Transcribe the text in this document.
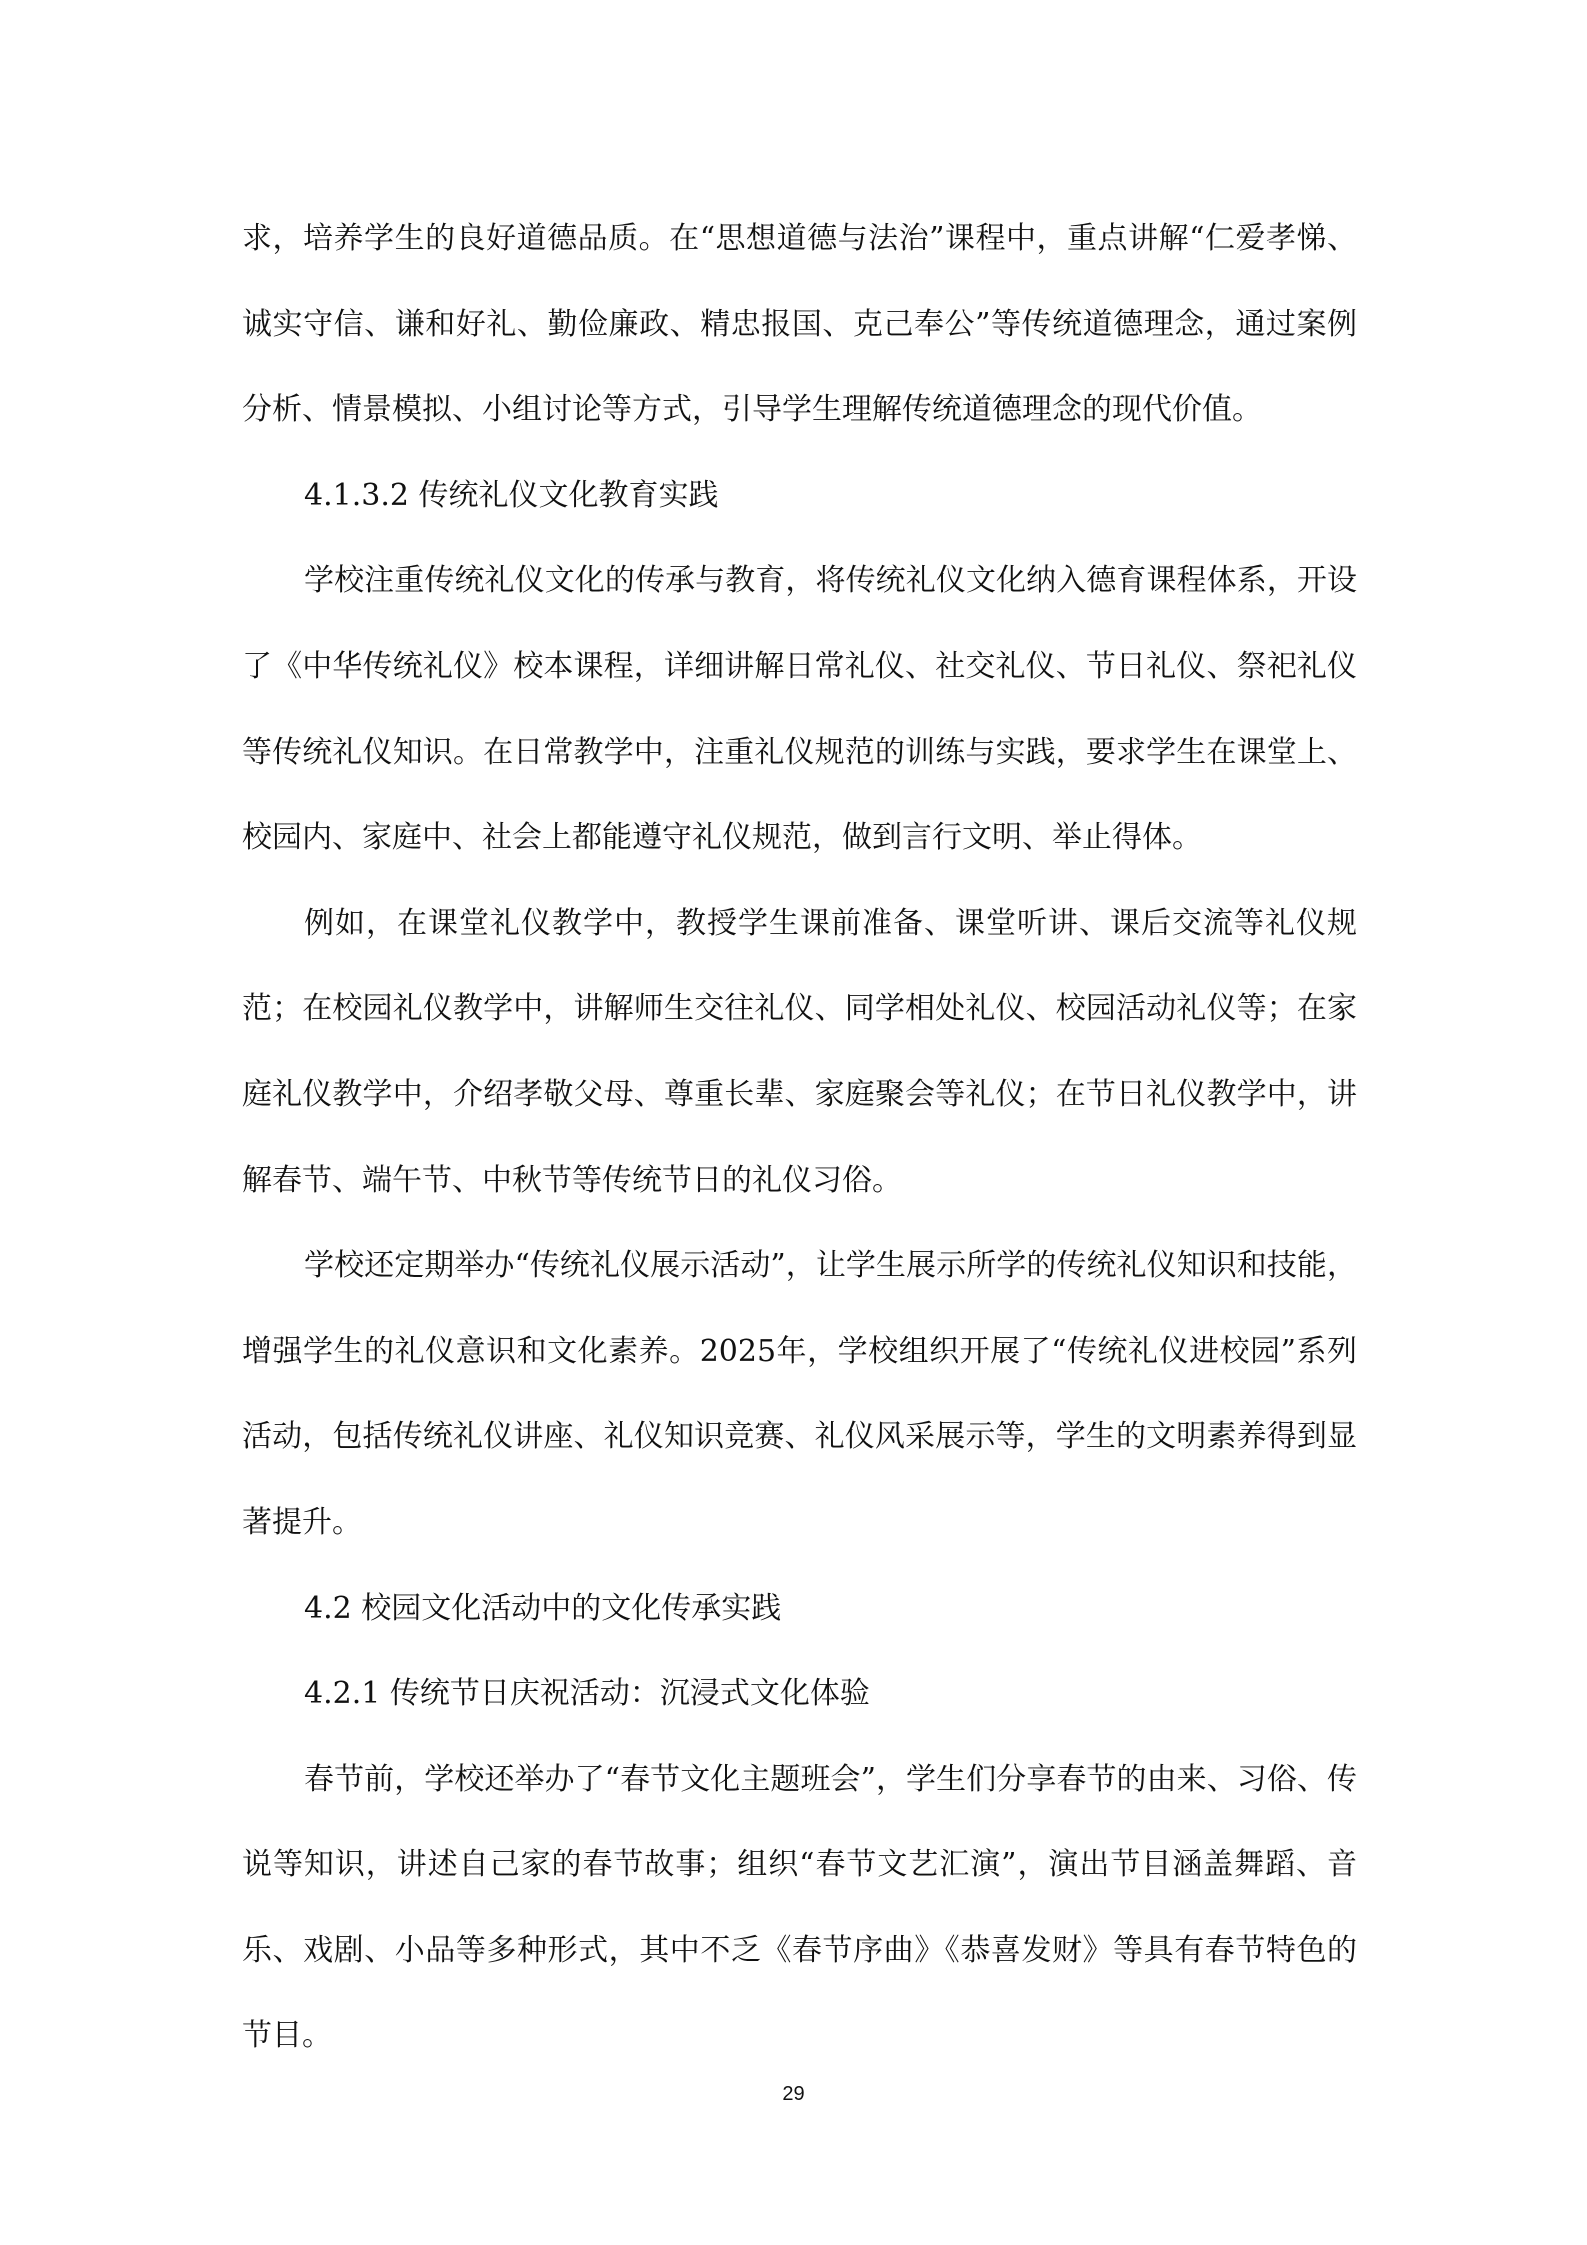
求，培养学生的良好道德品质。在“思想道德与法治”课程中，重点讲解“仁爱孝悌、诚实守信、谦和好礼、勤俭廉政、精忠报国、克己奉公”等传统道德理念，通过案例分析、情景模拟、小组讨论等方式，引导学生理解传统道德理念的现代价值。

4.1.3.2 传统礼仪文化教育实践

学校注重传统礼仪文化的传承与教育，将传统礼仪文化纳入德育课程体系，开设了《中华传统礼仪》校本课程，详细讲解日常礼仪、社交礼仪、节日礼仪、祭祀礼仪等传统礼仪知识。在日常教学中，注重礼仪规范的训练与实践，要求学生在课堂上、校园内、家庭中、社会上都能遵守礼仪规范，做到言行文明、举止得体。

例如，在课堂礼仪教学中，教授学生课前准备、课堂听讲、课后交流等礼仪规范；在校园礼仪教学中，讲解师生交往礼仪、同学相处礼仪、校园活动礼仪等；在家庭礼仪教学中，介绍孝敬父母、尊重长辈、家庭聚会等礼仪；在节日礼仪教学中，讲解春节、端午节、中秋节等传统节日的礼仪习俗。

学校还定期举办“传统礼仪展示活动”，让学生展示所学的传统礼仪知识和技能，增强学生的礼仪意识和文化素养。2025年，学校组织开展了“传统礼仪进校园”系列活动，包括传统礼仪讲座、礼仪知识竞赛、礼仪风采展示等，学生的文明素养得到显著提升。

4.2 校园文化活动中的文化传承实践

4.2.1 传统节日庆祝活动：沉浸式文化体验

春节前，学校还举办了“春节文化主题班会”，学生们分享春节的由来、习俗、传说等知识，讲述自己家的春节故事；组织“春节文艺汇演”，演出节目涵盖舞蹈、音乐、戏剧、小品等多种形式，其中不乏《春节序曲》《恭喜发财》等具有春节特色的节目。

29
